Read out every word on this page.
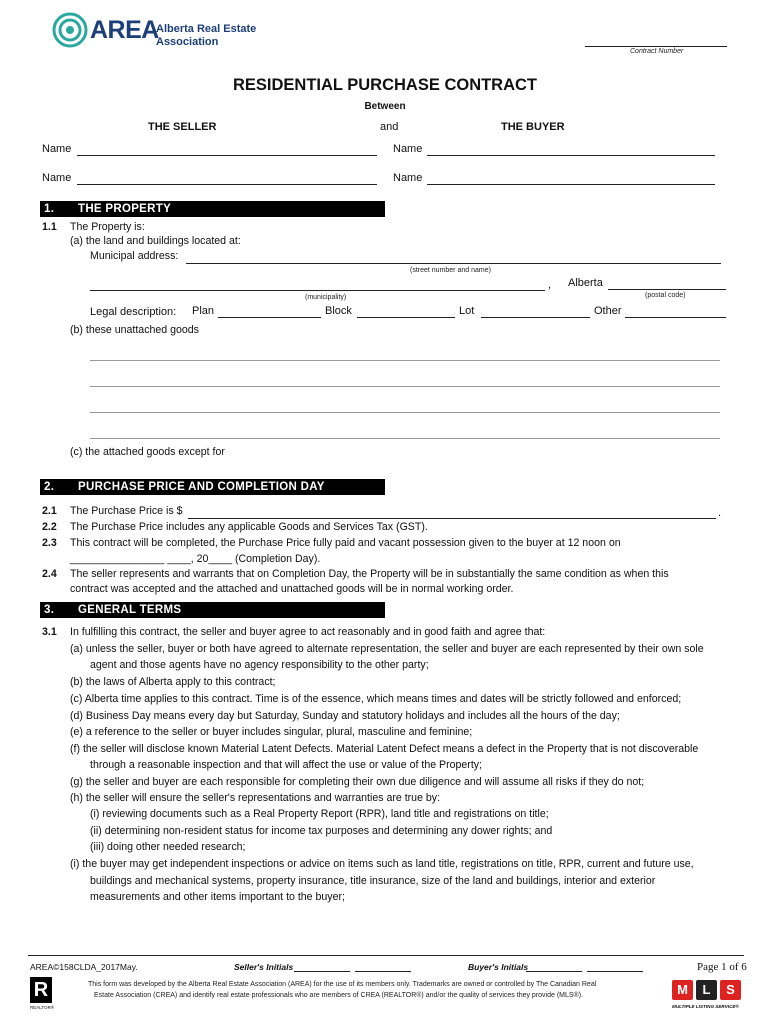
AREA
Alberta Real Estate
Association
Contract Number
RESIDENTIAL PURCHASE CONTRACT
Between
THE SELLER	and	THE BUYER
Name	Name
Name	Name
1. THE PROPERTY
1.1 The Property is:
(a) the land and buildings located at:
Municipal address:
(street number and name)
, Alberta
(municipality)	(postal code)
Legal description: Plan	Block	Lot	Other
(b) these unattached goods
(c) the attached goods except for
2. PURCHASE PRICE AND COMPLETION DAY
2.1 The Purchase Price is $	.
2.2 The Purchase Price includes any applicable Goods and Services Tax (GST).
2.3 This contract will be completed, the Purchase Price fully paid and vacant possession given to the buyer at 12 noon on
________________ ____, 20____ (Completion Day).
2.4 The seller represents and warrants that on Completion Day, the Property will be in substantially the same condition as when this
contract was accepted and the attached and unattached goods will be in normal working order.
3. GENERAL TERMS
3.1 In fulfilling this contract, the seller and buyer agree to act reasonably and in good faith and agree that:
(a) unless the seller, buyer or both have agreed to alternate representation, the seller and buyer are each represented by their own sole
agent and those agents have no agency responsibility to the other party;
(b) the laws of Alberta apply to this contract;
(c) Alberta time applies to this contract. Time is of the essence, which means times and dates will be strictly followed and enforced;
(d) Business Day means every day but Saturday, Sunday and statutory holidays and includes all the hours of the day;
(e) a reference to the seller or buyer includes singular, plural, masculine and feminine;
(f) the seller will disclose known Material Latent Defects. Material Latent Defect means a defect in the Property that is not discoverable
through a reasonable inspection and that will affect the use or value of the Property;
(g) the seller and buyer are each responsible for completing their own due diligence and will assume all risks if they do not;
(h) the seller will ensure the seller's representations and warranties are true by:
(i) reviewing documents such as a Real Property Report (RPR), land title and registrations on title;
(ii) determining non-resident status for income tax purposes and determining any dower rights; and
(iii) doing other needed research;
(i) the buyer may get independent inspections or advice on items such as land title, registrations on title, RPR, current and future use,
buildings and mechanical systems, property insurance, title insurance, size of the land and buildings, interior and exterior
measurements and other items important to the buyer;
AREA©158CLDA_2017May.	Seller's Initials	Buyer's Initials	Page 1 of 6
R
REALTOR®
This form was developed by the Alberta Real Estate Association (AREA) for the use of its members only. Trademarks are owned or controlled by The Canadian Real
Estate Association (CREA) and identify real estate professionals who are members of CREA (REALTOR®) and/or the quality of services they provide (MLS®).	M	L	S
MULTIPLE LISTING SERVICE®
